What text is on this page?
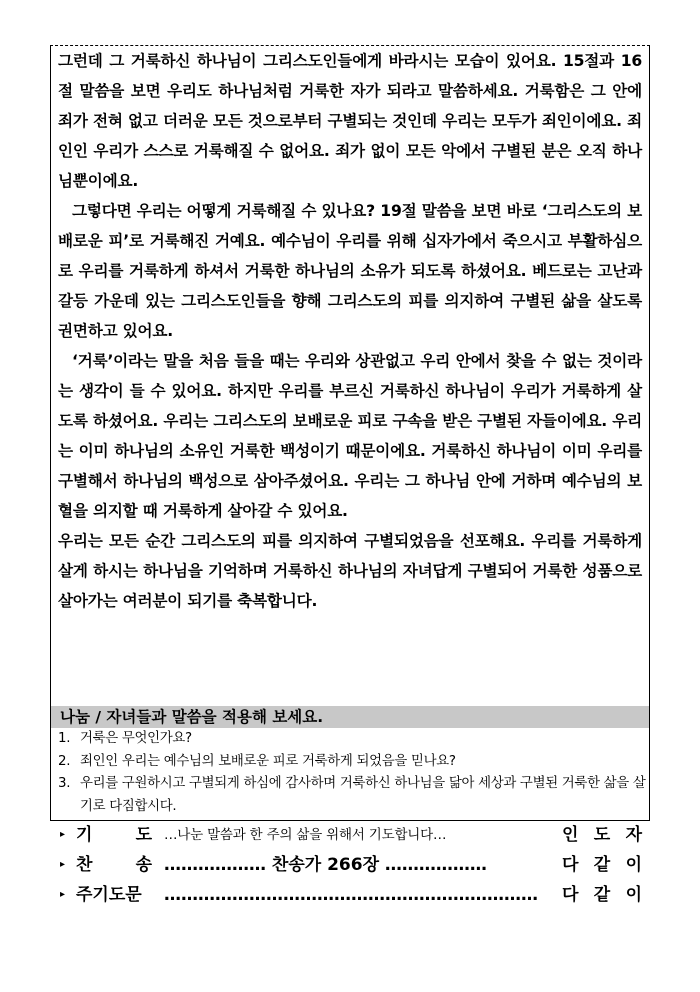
그런데 그 거룩하신 하나님이 그리스도인들에게 바라시는 모습이 있어요. 15절과 16절 말씀을 보면 우리도 하나님처럼 거룩한 자가 되라고 말씀하세요. 거룩함은 그 안에 죄가 전혀 없고 더러운 모든 것으로부터 구별되는 것인데 우리는 모두가 죄인이에요. 죄인인 우리가 스스로 거룩해질 수 없어요. 죄가 없이 모든 악에서 구별된 분은 오직 하나님뿐이에요.

그렇다면 우리는 어떻게 거룩해질 수 있나요? 19절 말씀을 보면 바로 ‘그리스도의 보배로운 피’로 거룩해진 거예요. 예수님이 우리를 위해 십자가에서 죽으시고 부활하심으로 우리를 거룩하게 하셔서 거룩한 하나님의 소유가 되도록 하셨어요. 베드로는 고난과 갈등 가운데 있는 그리스도인들을 향해 그리스도의 피를 의지하여 구별된 삶을 살도록 권면하고 있어요.

‘거룩’이라는 말을 처음 들을 때는 우리와 상관없고 우리 안에서 찾을 수 없는 것이라는 생각이 들 수 있어요. 하지만 우리를 부르신 거룩하신 하나님이 우리가 거룩하게 살도록 하셨어요. 우리는 그리스도의 보배로운 피로 구속을 받은 구별된 자들이에요. 우리는 이미 하나님의 소유인 거룩한 백성이기 때문이에요. 거룩하신 하나님이 이미 우리를 구별해서 하나님의 백성으로 삼아주셨어요. 우리는 그 하나님 안에 거하며 예수님의 보혈을 의지할 때 거룩하게 살아갈 수 있어요.

우리는 모든 순간 그리스도의 피를 의지하여 구별되었음을 선포해요. 우리를 거룩하게 살게 하시는 하나님을 기억하며 거룩하신 하나님의 자녀답게 구별되어 거룩한 성품으로 살아가는 여러분이 되기를 축복합니다.

나눔 / 자녀들과 말씀을 적용해 보세요.
1. 거룩은 무엇인가요?
2. 죄인인 우리는 예수님의 보배로운 피로 거룩하게 되었음을 믿나요?
3. 우리를 구원하시고 구별되게 하심에 감사하며 거룩하신 하나님을 닮아 세상과 구별된 거룩한 삶을 살기로 다짐합시다.
▸ 기	도 …나눈 말씀과 한 주의 삶을 위해서 기도합니다…	인 도 자
▸ 찬	송 ……………… 찬송가 266장 ………………	다 같 이
▸ 주기도문 …………………………………………………………	다 같 이
